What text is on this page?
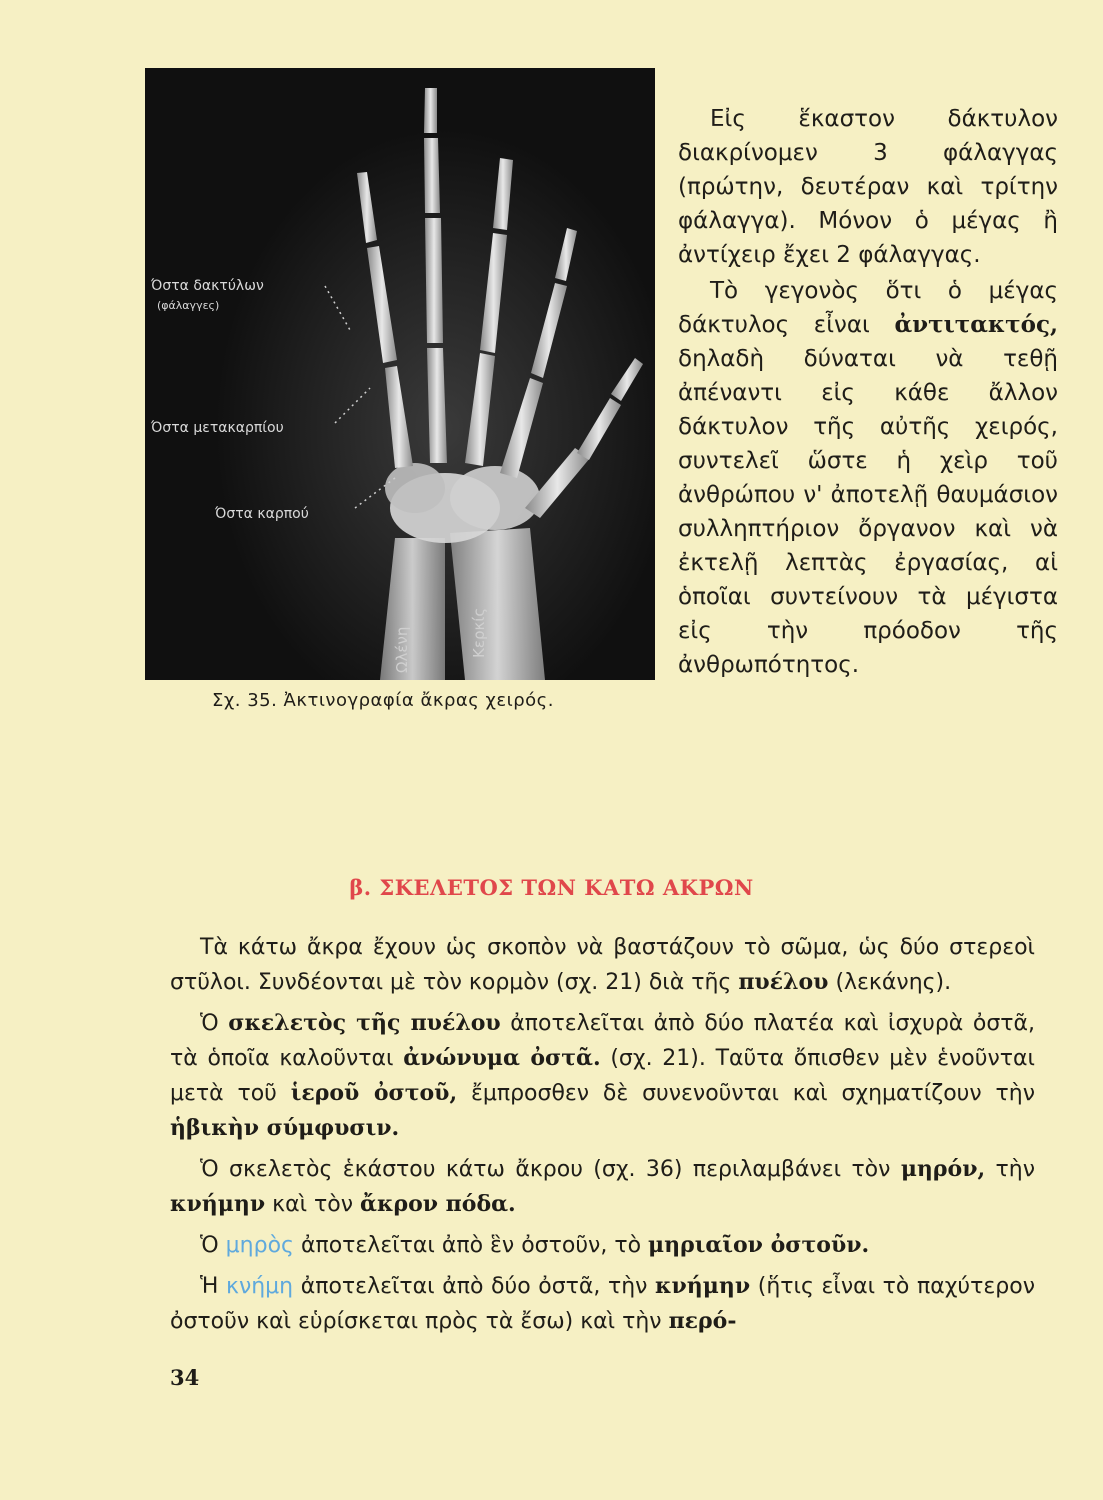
Όστα δακτύλων
(φάλαγγες)
Όστα μετακαρπίου
Όστα καρπού
Ωλένη	Κερκίς
Σχ. 35. Ἀκτινογραφία ἄκρας χειρός.

Εἰς ἕκαστον δάκτυλον διακρίνομεν 3 φάλαγγας (πρώτην, δευτέραν καὶ τρίτην φάλαγγα). Μόνον ὁ μέγας ἢ ἀντίχειρ ἔχει 2 φάλαγγας.

Τὸ γεγονὸς ὅτι ὁ μέγας δάκτυλος εἶναι ἀντιτακτός, δηλαδὴ δύναται νὰ τεθῇ ἀπέναντι εἰς κάθε ἄλλον δάκτυλον τῆς αὐτῆς χειρός, συντελεῖ ὥστε ἡ χεὶρ τοῦ ἀνθρώπου ν' ἀποτελῇ θαυμάσιον συλληπτήριον ὄργανον καὶ νὰ ἐκτελῇ λεπτὰς ἐργασίας, αἱ ὁποῖαι συντείνουν τὰ μέγιστα εἰς τὴν πρόοδον τῆς ἀνθρωπότητος.

β. ΣΚΕΛΕΤΟΣ ΤΩΝ ΚΑΤΩ ΑΚΡΩΝ

Τὰ κάτω ἄκρα ἔχουν ὡς σκοπὸν νὰ βαστάζουν τὸ σῶμα, ὡς δύο στερεοὶ στῦλοι. Συνδέονται μὲ τὸν κορμὸν (σχ. 21) διὰ τῆς πυέλου (λεκάνης).

Ὁ σκελετὸς τῆς πυέλου ἀποτελεῖται ἀπὸ δύο πλατέα καὶ ἰσχυρὰ ὀστᾶ, τὰ ὁποῖα καλοῦνται ἀνώνυμα ὀστᾶ. (σχ. 21). Ταῦτα ὄπισθεν μὲν ἑνοῦνται μετὰ τοῦ ἱεροῦ ὀστοῦ, ἔμπροσθεν δὲ συνενοῦνται καὶ σχηματίζουν τὴν ἡβικὴν σύμφυσιν.

Ὁ σκελετὸς ἑκάστου κάτω ἄκρου (σχ. 36) περιλαμβάνει τὸν μηρόν, τὴν κνήμην καὶ τὸν ἄκρον πόδα.

Ὁ μηρὸς ἀποτελεῖται ἀπὸ ἓν ὀστοῦν, τὸ μηριαῖον ὀστοῦν.

Ἡ κνήμη ἀποτελεῖται ἀπὸ δύο ὀστᾶ, τὴν κνήμην (ἥτις εἶναι τὸ παχύτερον ὀστοῦν καὶ εὑρίσκεται πρὸς τὰ ἔσω) καὶ τὴν περό-

34
